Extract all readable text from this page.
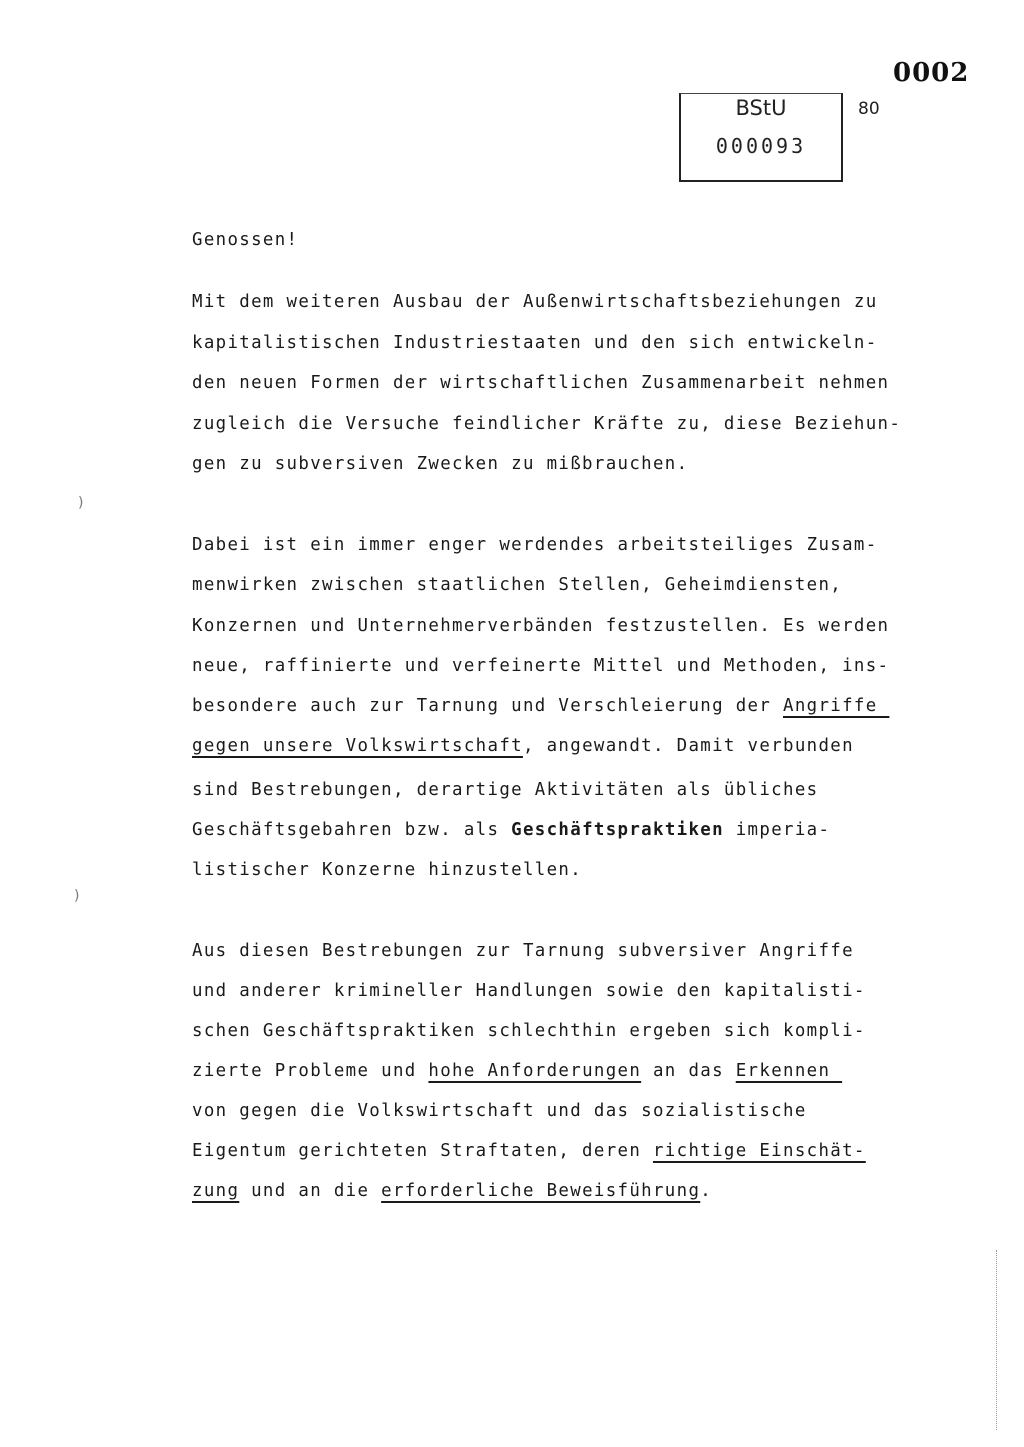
0002
BStU
000093
80
Genossen!
Mit dem weiteren Ausbau der Außenwirtschaftsbeziehungen zu
kapitalistischen Industriestaaten und den sich entwickeln-
den neuen Formen der wirtschaftlichen Zusammenarbeit nehmen
zugleich die Versuche feindlicher Kräfte zu, diese Beziehun-
gen zu subversiven Zwecken zu mißbrauchen.
Dabei ist ein immer enger werdendes arbeitsteiliges Zusam-
menwirken zwischen staatlichen Stellen, Geheimdiensten,
Konzernen und Unternehmerverbänden festzustellen. Es werden
neue, raffinierte und verfeinerte Mittel und Methoden, ins-
besondere auch zur Tarnung und Verschleierung der Angriffe
gegen unsere Volkswirtschaft, angewandt. Damit verbunden
sind Bestrebungen, derartige Aktivitäten als übliches
Geschäftsgebahren bzw. als Geschäftspraktiken imperia-
listischer Konzerne hinzustellen.
Aus diesen Bestrebungen zur Tarnung subversiver Angriffe
und anderer krimineller Handlungen sowie den kapitalisti-
schen Geschäftspraktiken schlechthin ergeben sich kompli-
zierte Probleme und hohe Anforderungen an das Erkennen
von gegen die Volkswirtschaft und das sozialistische
Eigentum gerichteten Straftaten, deren richtige Einschät-
zung und an die erforderliche Beweisführung.
)
)
